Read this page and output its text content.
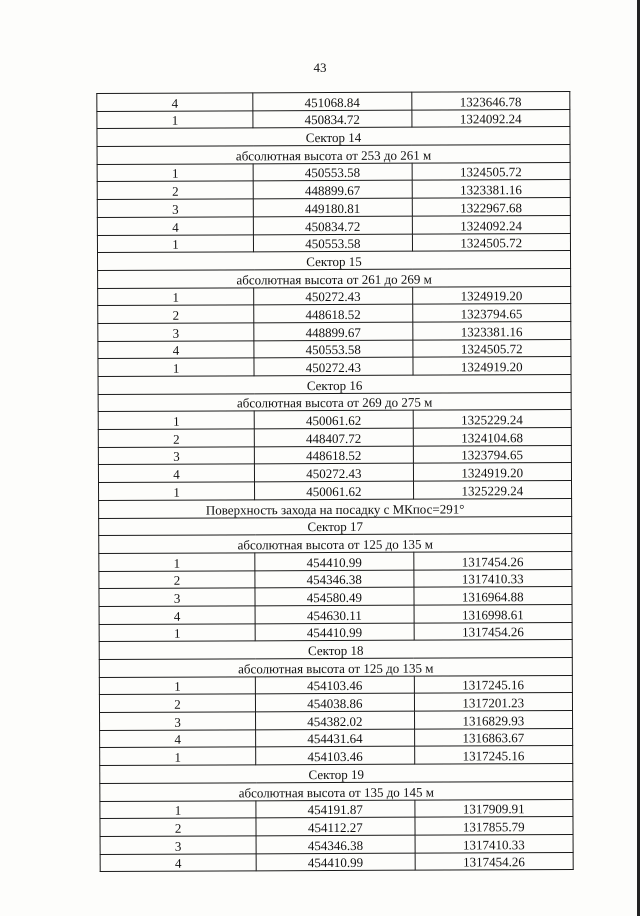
43
4	451068.84	1323646.78
1	450834.72	1324092.24
Сектор 14		
абсолютная высота от 253 до 261 м		
1	450553.58	1324505.72
2	448899.67	1323381.16
3	449180.81	1322967.68
4	450834.72	1324092.24
1	450553.58	1324505.72
Сектор 15		
абсолютная высота от 261 до 269 м		
1	450272.43	1324919.20
2	448618.52	1323794.65
3	448899.67	1323381.16
4	450553.58	1324505.72
1	450272.43	1324919.20
Сектор 16		
абсолютная высота от 269 до 275 м		
1	450061.62	1325229.24
2	448407.72	1324104.68
3	448618.52	1323794.65
4	450272.43	1324919.20
1	450061.62	1325229.24
Поверхность захода на посадку с МКпос=291°		
Сектор 17		
абсолютная высота от 125 до 135 м		
1	454410.99	1317454.26
2	454346.38	1317410.33
3	454580.49	1316964.88
4	454630.11	1316998.61
1	454410.99	1317454.26
Сектор 18		
абсолютная высота от 125 до 135 м		
1	454103.46	1317245.16
2	454038.86	1317201.23
3	454382.02	1316829.93
4	454431.64	1316863.67
1	454103.46	1317245.16
Сектор 19		
абсолютная высота от 135 до 145 м		
1	454191.87	1317909.91
2	454112.27	1317855.79
3	454346.38	1317410.33
4	454410.99	1317454.26
